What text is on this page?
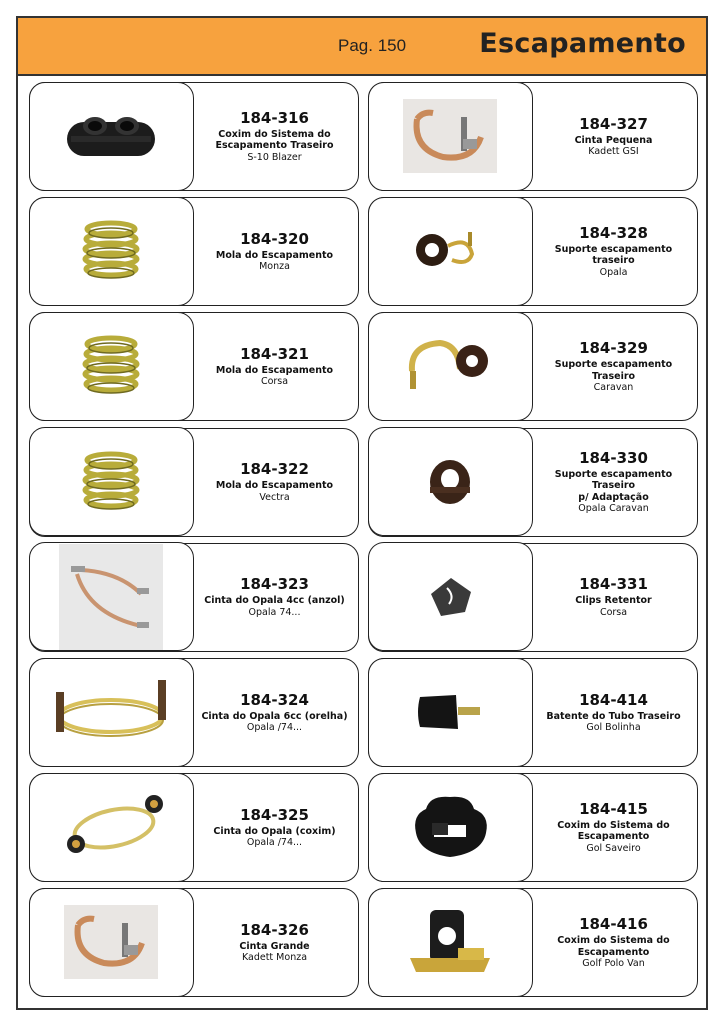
Pag. 150	Escapamento
184-316
Coxim do Sistema do
Escapamento Traseiro
S-10 Blazer
184-327
Cinta Pequena
Kadett GSI
184-320
Mola do Escapamento
Monza
184-328
Suporte escapamento traseiro
Opala
184-321
Mola do Escapamento
Corsa
184-329
Suporte escapamento Traseiro
Caravan
184-322
Mola do Escapamento
Vectra
184-330
Suporte escapamento Traseiro
p/ Adaptação
Opala Caravan
184-323
Cinta do Opala 4cc (anzol)
Opala 74...
184-331
Clips Retentor
Corsa
184-324
Cinta do Opala 6cc (orelha)
Opala /74...
184-414
Batente do Tubo Traseiro
Gol Bolinha
184-325
Cinta do Opala (coxim)
Opala /74...
184-415
Coxim do Sistema do
Escapamento
Gol Saveiro
184-326
Cinta Grande
Kadett Monza
184-416
Coxim do Sistema do
Escapamento
Golf Polo Van
